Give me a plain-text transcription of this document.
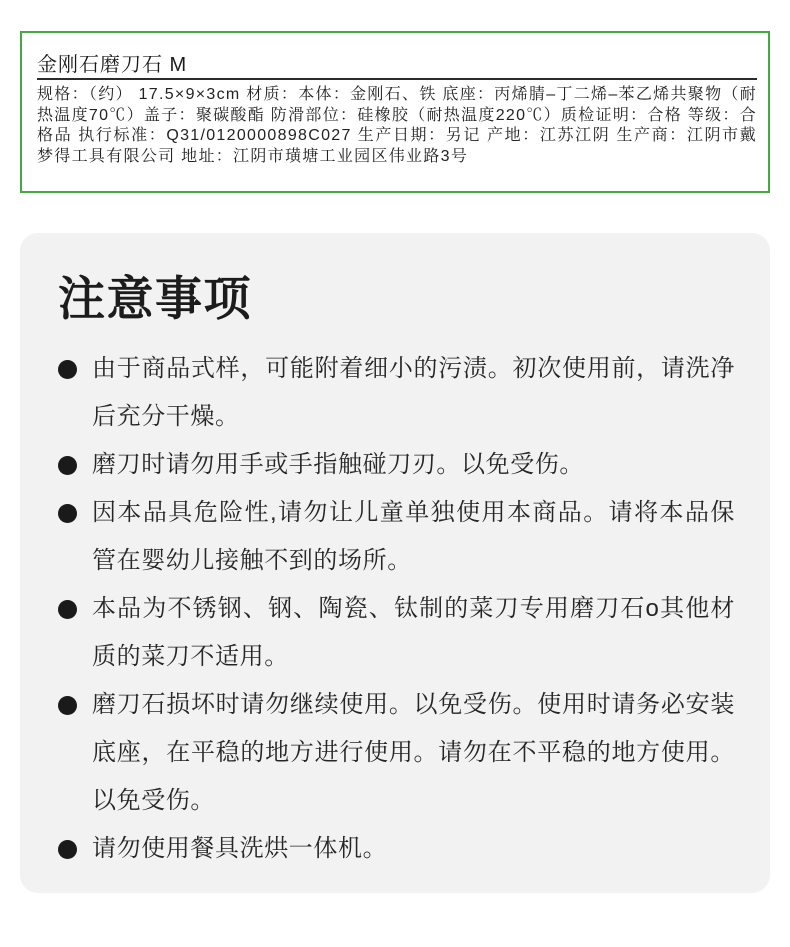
金刚石磨刀石 M

规格：（约） 17.5×9×3cm 材质：本体：金刚石、铁 底座：丙烯腈–丁二烯–苯乙烯共聚物（耐热温度70℃）盖子：聚碳酸酯 防滑部位：硅橡胶（耐热温度220℃）质检证明：合格 等级：合格品 执行标准：Q31/0120000898C027 生产日期：另记 产地：江苏江阴 生产商：江阴市戴梦得工具有限公司 地址：江阴市璜塘工业园区伟业路3号

注意事项

由于商品式样，可能附着细小的污渍。初次使用前，请洗净后充分干燥。

磨刀时请勿用手或手指触碰刀刃。以免受伤。

因本品具危险性,请勿让儿童单独使用本商品。请将本品保管在婴幼儿接触不到的场所。

本品为不锈钢、钢、陶瓷、钛制的菜刀专用磨刀石o其他材质的菜刀不适用。

磨刀石损坏时请勿继续使用。以免受伤。使用时请务必安装底座，在平稳的地方进行使用。请勿在不平稳的地方使用。以免受伤。

请勿使用餐具洗烘一体机。
